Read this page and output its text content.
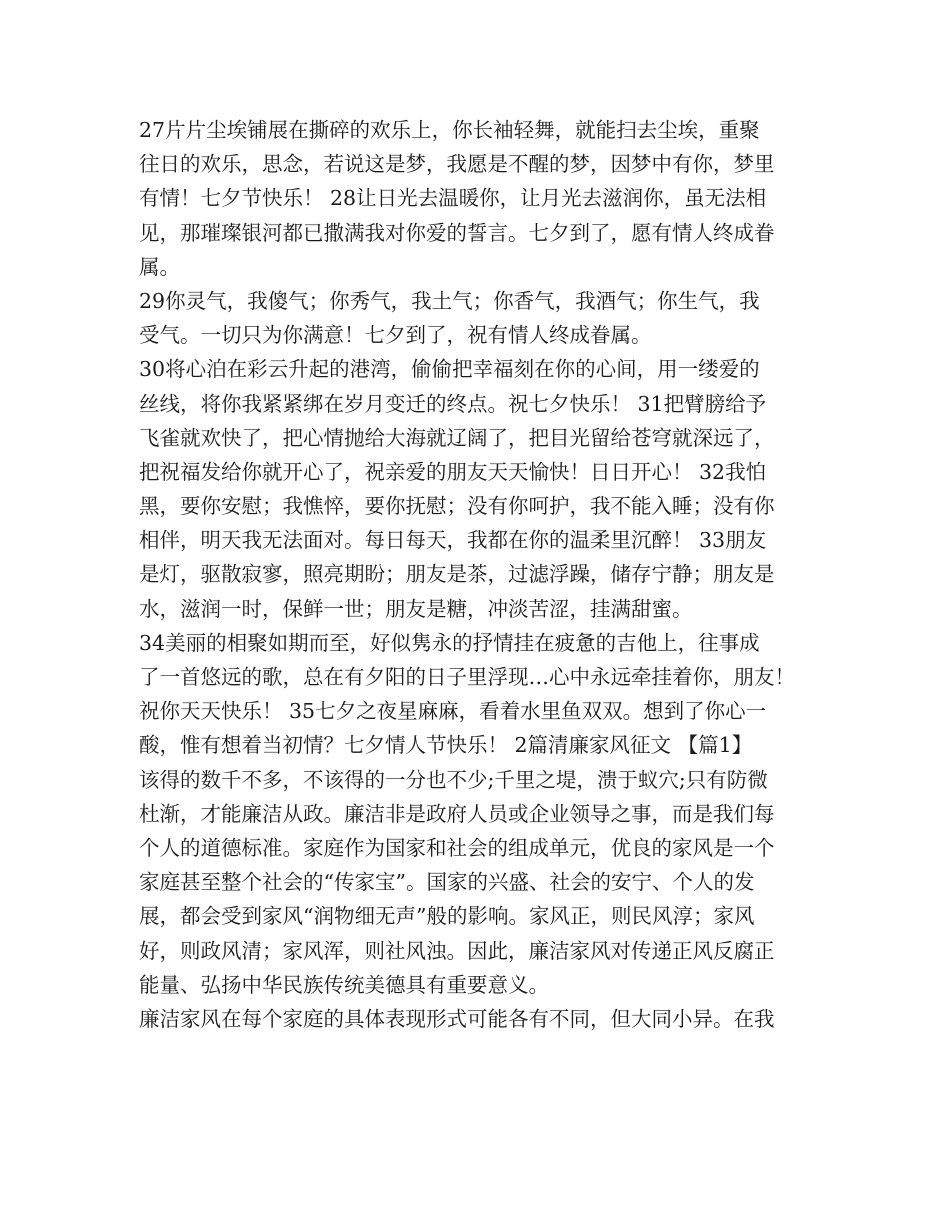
27片片尘埃铺展在撕碎的欢乐上，你长袖轻舞，就能扫去尘埃，重聚
往日的欢乐，思念，若说这是梦，我愿是不醒的梦，因梦中有你，梦里
有情！七夕节快乐！ 28让日光去温暖你，让月光去滋润你，虽无法相
见，那璀璨银河都已撒满我对你爱的誓言。七夕到了，愿有情人终成眷
属。
29你灵气，我傻气；你秀气，我土气；你香气，我酒气；你生气，我
受气。一切只为你满意！七夕到了，祝有情人终成眷属。
30将心泊在彩云升起的港湾，偷偷把幸福刻在你的心间，用一缕爱的
丝线，将你我紧紧绑在岁月变迁的终点。祝七夕快乐！ 31把臂膀给予
飞雀就欢快了，把心情抛给大海就辽阔了，把目光留给苍穹就深远了，
把祝福发给你就开心了，祝亲爱的朋友天天愉快！日日开心！ 32我怕
黑，要你安慰；我憔悴，要你抚慰；没有你呵护，我不能入睡；没有你
相伴，明天我无法面对。每日每天，我都在你的温柔里沉醉！ 33朋友
是灯，驱散寂寥，照亮期盼；朋友是茶，过滤浮躁，储存宁静；朋友是
水，滋润一时，保鲜一世；朋友是糖，冲淡苦涩，挂满甜蜜。
34美丽的相聚如期而至，好似隽永的抒情挂在疲惫的吉他上，往事成
了一首悠远的歌，总在有夕阳的日子里浮现…心中永远牵挂着你，朋友！
祝你天天快乐！ 35七夕之夜星麻麻，看着水里鱼双双。想到了你心一
酸，惟有想着当初情？七夕情人节快乐！ 2篇清廉家风征文 【篇1】
该得的数千不多，不该得的一分也不少;千里之堤，溃于蚁穴;只有防微
杜渐，才能廉洁从政。廉洁非是政府人员或企业领导之事，而是我们每
个人的道德标准。家庭作为国家和社会的组成单元，优良的家风是一个
家庭甚至整个社会的“传家宝”。国家的兴盛、社会的安宁、个人的发
展，都会受到家风“润物细无声”般的影响。家风正，则民风淳；家风
好，则政风清；家风浑，则社风浊。因此，廉洁家风对传递正风反腐正
能量、弘扬中华民族传统美德具有重要意义。
廉洁家风在每个家庭的具体表现形式可能各有不同，但大同小异。在我
